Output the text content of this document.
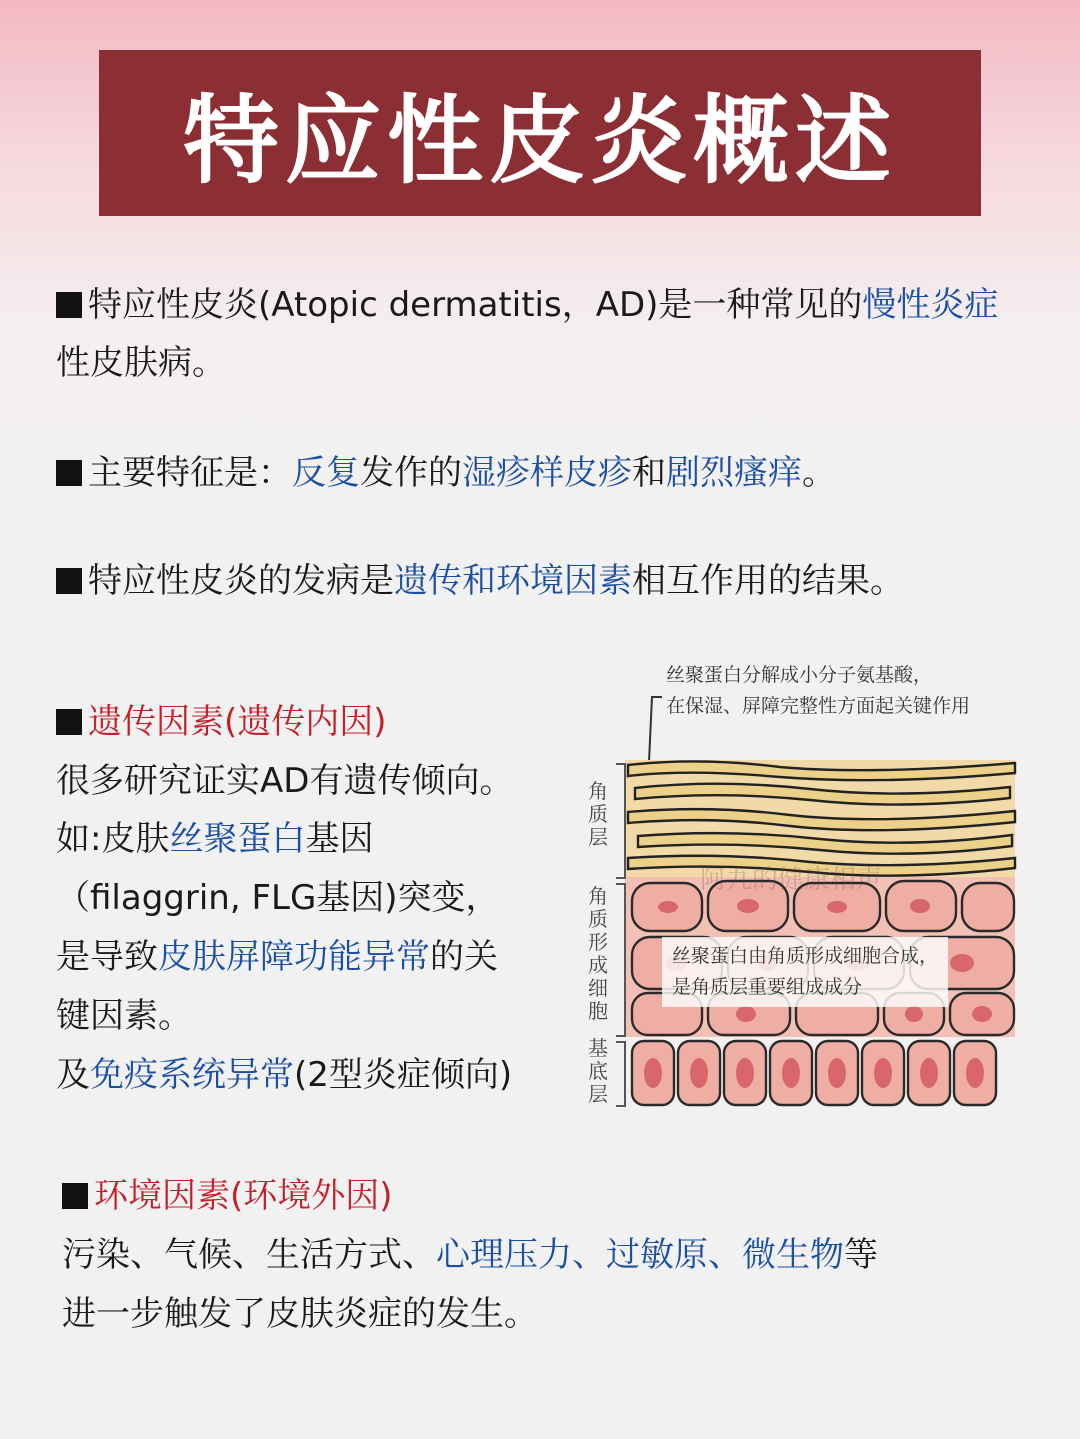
特应性皮炎概述

特应性皮炎(Atopic dermatitis，AD)是一种常见的慢性炎症性皮肤病。

主要特征是：反复发作的湿疹样皮疹和剧烈瘙痒。

特应性皮炎的发病是遗传和环境因素相互作用的结果。

遗传因素(遗传内因)

很多研究证实AD有遗传倾向。

如:皮肤丝聚蛋白基因

（filaggrin, FLG基因)突变，

是导致皮肤屏障功能异常的关

键因素。

及免疫系统异常(2型炎症倾向)

丝聚蛋白分解成小分子氨基酸，
在保湿、屏障完整性方面起关键作用
丝聚蛋白由角质形成细胞合成，
是角质层重要组成成分
阿九的健康相声
角质层
角质形成细胞
基底层

环境因素(环境外因)

污染、气候、生活方式、心理压力、过敏原、微生物等

进一步触发了皮肤炎症的发生。
